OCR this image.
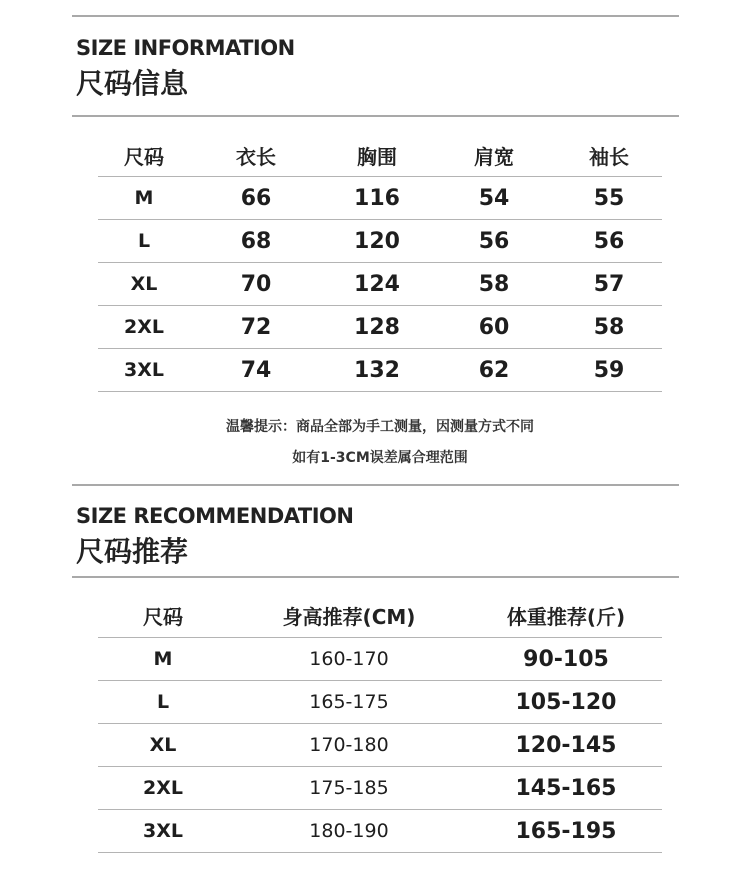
SIZE INFORMATION
尺码信息
尺码	衣长	胸围	肩宽	袖长
M	66	116	54	55
L	68	120	56	56
XL	70	124	58	57
2XL	72	128	60	58
3XL	74	132	62	59
温馨提示：商品全部为手工测量，因测量方式不同
如有1-3CM误差属合理范围
SIZE RECOMMENDATION
尺码推荐
尺码	身高推荐(CM)	体重推荐(斤)
M	160-170	90-105
L	165-175	105-120
XL	170-180	120-145
2XL	175-185	145-165
3XL	180-190	165-195
